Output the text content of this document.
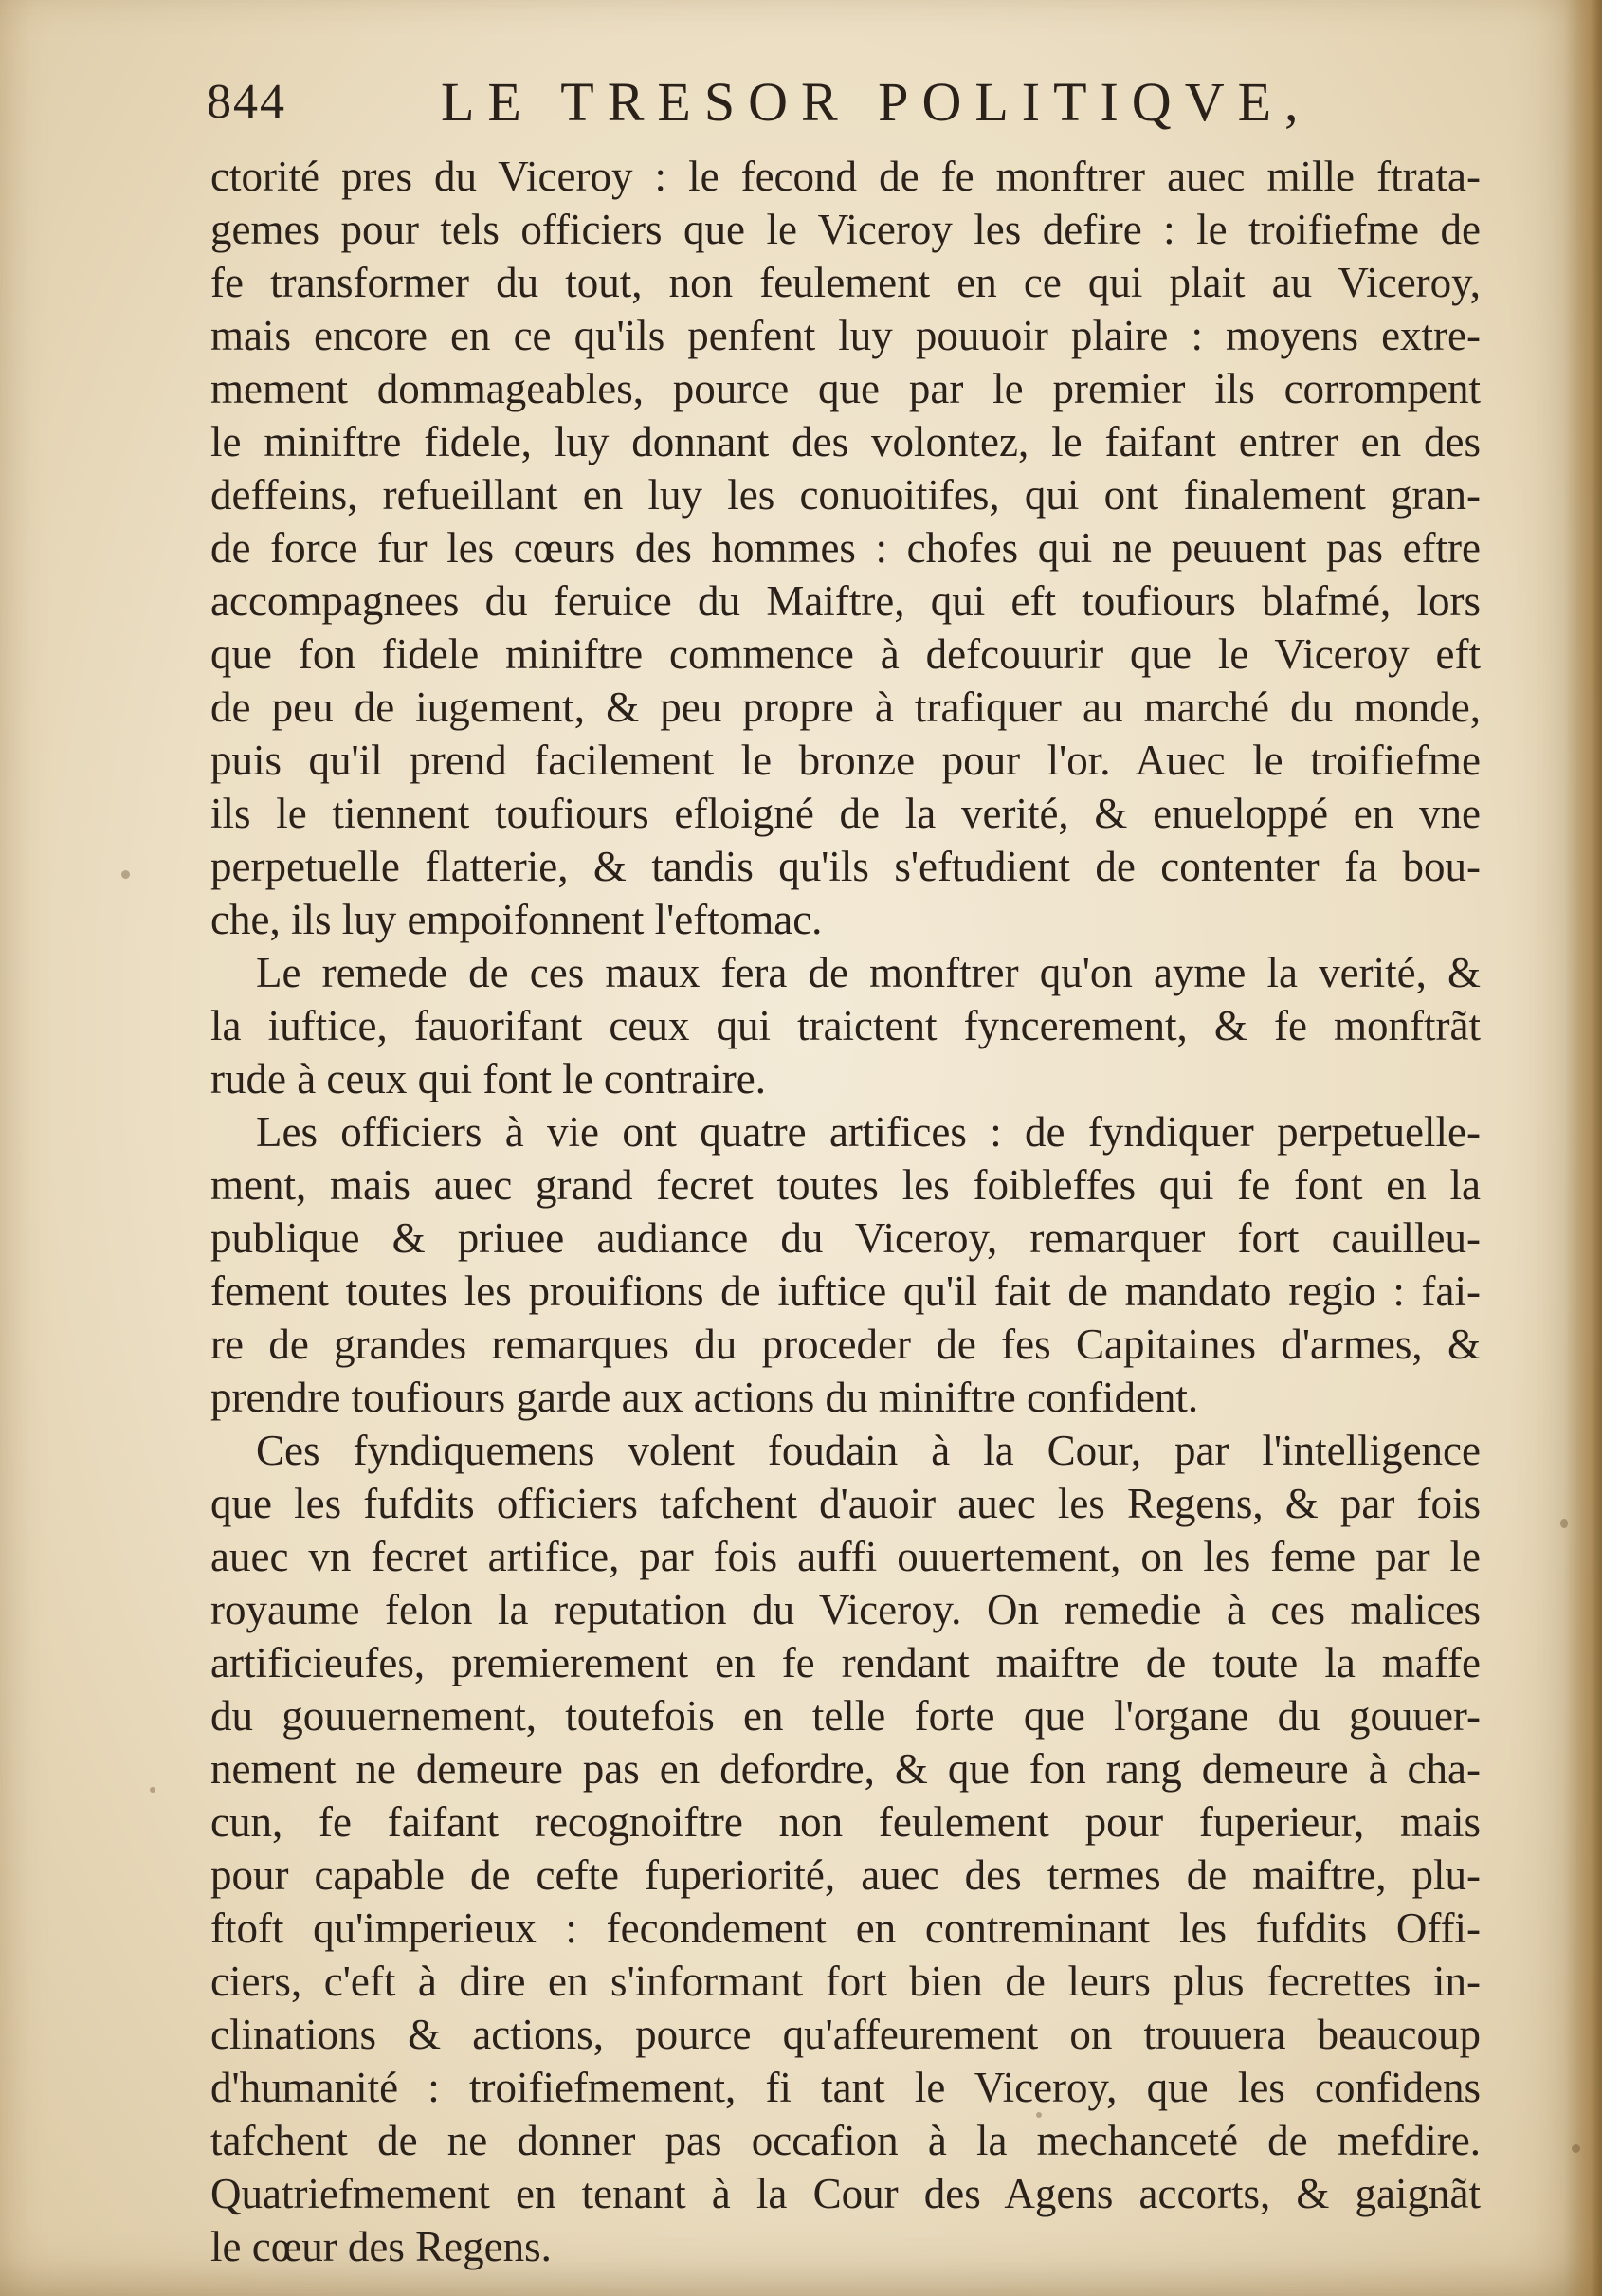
844	LE TRESOR POLITIQVE,
ctorité pres du Viceroy : le fecond de fe monftrer auec mille ftrata-
gemes pour tels officiers que le Viceroy les defire : le troifiefme de
fe transformer du tout, non feulement en ce qui plait au Viceroy,
mais encore en ce qu'ils penfent luy pouuoir plaire : moyens extre-
mement dommageables, pource que par le premier ils corrompent
le miniftre fidele, luy donnant des volontez, le faifant entrer en des
deffeins, refueillant en luy les conuoitifes, qui ont finalement gran-
de force fur les cœurs des hommes : chofes qui ne peuuent pas eftre
accompagnees du feruice du Maiftre, qui eft toufiours blafmé, lors
que fon fidele miniftre commence à defcouurir que le Viceroy eft
de peu de iugement, & peu propre à trafiquer au marché du monde,
puis qu'il prend facilement le bronze pour l'or. Auec le troifiefme
ils le tiennent toufiours efloigné de la verité, & enueloppé en vne
perpetuelle flatterie, & tandis qu'ils s'eftudient de contenter fa bou-
che, ils luy empoifonnent l'eftomac.
Le remede de ces maux fera de monftrer qu'on ayme la verité, &
la iuftice, fauorifant ceux qui traictent fyncerement, & fe monftrãt
rude à ceux qui font le contraire.
Les officiers à vie ont quatre artifices : de fyndiquer perpetuelle-
ment, mais auec grand fecret toutes les foibleffes qui fe font en la
publique & priuee audiance du Viceroy, remarquer fort cauilleu-
fement toutes les prouifions de iuftice qu'il fait de mandato regio : fai-
re de grandes remarques du proceder de fes Capitaines d'armes, &
prendre toufiours garde aux actions du miniftre confident.
Ces fyndiquemens volent foudain à la Cour, par l'intelligence
que les fufdits officiers tafchent d'auoir auec les Regens, & par fois
auec vn fecret artifice, par fois auffi ouuertement, on les feme par le
royaume felon la reputation du Viceroy. On remedie à ces malices
artificieufes, premierement en fe rendant maiftre de toute la maffe
du gouuernement, toutefois en telle forte que l'organe du gouuer-
nement ne demeure pas en defordre, & que fon rang demeure à cha-
cun, fe faifant recognoiftre non feulement pour fuperieur, mais
pour capable de cefte fuperiorité, auec des termes de maiftre, plu-
ftoft qu'imperieux : fecondement en contreminant les fufdits Offi-
ciers, c'eft à dire en s'informant fort bien de leurs plus fecrettes in-
clinations & actions, pource qu'affeurement on trouuera beaucoup
d'humanité : troifiefmement, fi tant le Viceroy, que les confidens
tafchent de ne donner pas occafion à la mechanceté de mefdire.
Quatriefmement en tenant à la Cour des Agens accorts, & gaignãt
le cœur des Regens.
